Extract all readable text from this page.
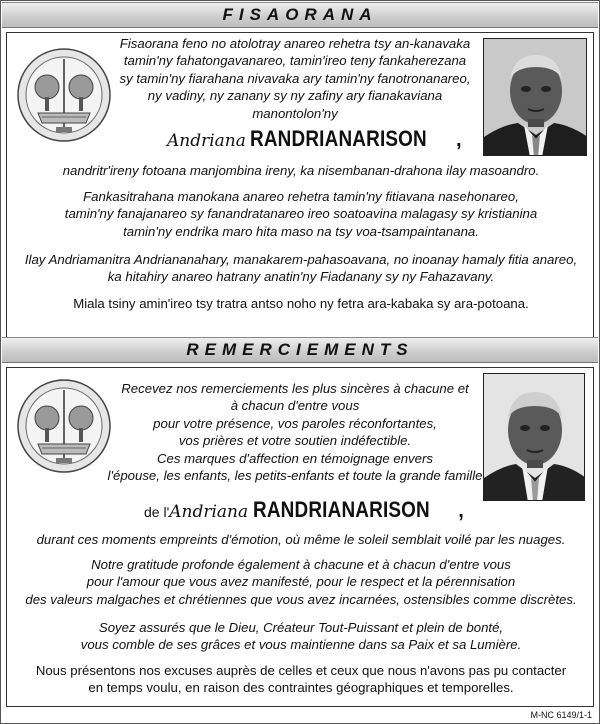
FISAORANA
Fisaorana feno no atolotray anareo rehetra tsy an-kanavaka
tamin'ny fahatongavanareo, tamin'ireo teny fankaherezana
sy tamin'ny fiarahana nivavaka ary tamin'ny fanotronanareo,
ny vadiny, ny zanany sy ny zafiny ary fianakaviana
manontolon'ny
Andriana RANDRIANARISON ,
nandritr'ireny fotoana manjombina ireny, ka nisembanan-drahona ilay masoandro.
Fankasitrahana manokana anareo rehetra tamin'ny fitiavana nasehonareo,
tamin'ny fanajanareo sy fanandratanareo ireo soatoavina malagasy sy kristianina
tamin'ny endrika maro hita maso na tsy voa-tsampaintanana.
Ilay Andriamanitra Andriananahary, manakarem-pahasoavana, no inoanay hamaly fitia anareo,
ka hitahiry anareo hatrany anatin'ny Fiadanany sy ny Fahazavany.
Miala tsiny amin'ireo tsy tratra antso noho ny fetra ara-kabaka sy ara-potoana.
REMERCIEMENTS
Recevez nos remerciements les plus sincères à chacune et
à chacun d'entre vous
pour votre présence, vos paroles réconfortantes,
vos prières et votre soutien indéfectible.
Ces marques d'affection en témoignage envers
l'épouse, les enfants, les petits-enfants et toute la grande famille
de l'Andriana RANDRIANARISON ,
durant ces moments empreints d'émotion, où même le soleil semblait voilé par les nuages.
Notre gratitude profonde également à chacune et à chacun d'entre vous
pour l'amour que vous avez manifesté, pour le respect et la pérennisation
des valeurs malgaches et chrétiennes que vous avez incarnées, ostensibles comme discrètes.
Soyez assurés que le Dieu, Créateur Tout-Puissant et plein de bonté,
vous comble de ses grâces et vous maintienne dans sa Paix et sa Lumière.
Nous présentons nos excuses auprès de celles et ceux que nous n'avons pas pu contacter
en temps voulu, en raison des contraintes géographiques et temporelles.
M-NC 6149/1-1
